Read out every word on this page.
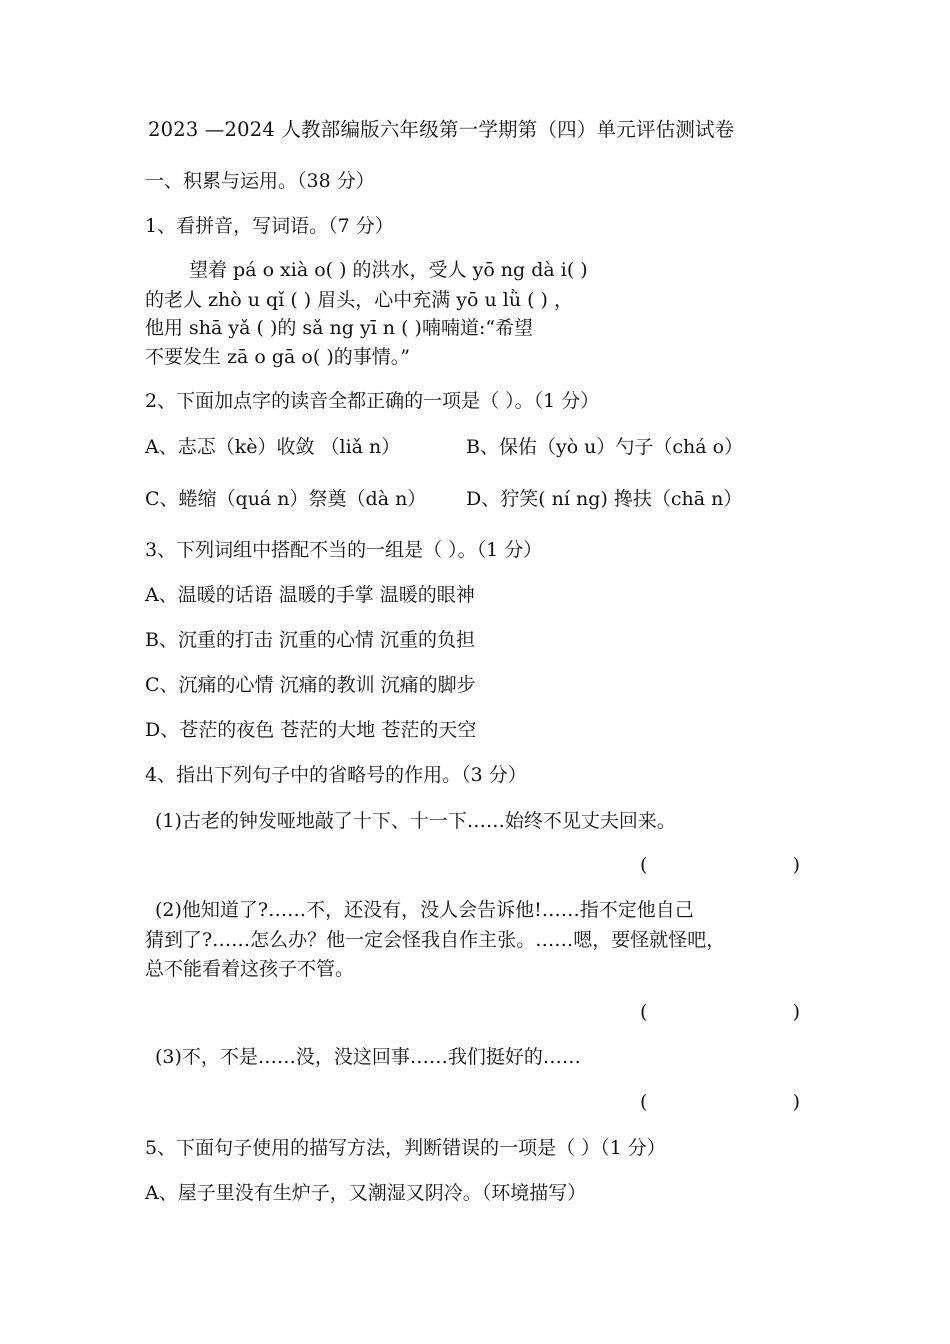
2023 —2024 人教部编版六年级第一学期第（四）单元评估测试卷
一、积累与运用。（38 分）
1、看拼音，写词语。（7 分）
望着 pá o xià o( ) 的洪水，受人 yō ng dà i( )
的老人 zhò u qǐ ( ) 眉头，心中充满 yō u lǜ ( ) ，
他用 shā yǎ ( )的 sǎ ng yī n ( )喃喃道:“希望
不要发生 zā o gā o( )的事情。”
2、下面加点字的读音全都正确的一项是（ ）。（1 分）
A、志忑（kè）收敛 （liǎ n）	B、保佑（yò u）勺子（chá o）
C、蜷缩（quá n）祭奠（dà n）	D、狞笑( ní ng) 搀扶（chā n）
3、下列词组中搭配不当的一组是（ ）。（1 分）
A、温暖的话语 温暖的手掌 温暖的眼神
B、沉重的打击 沉重的心情 沉重的负担
C、沉痛的心情 沉痛的教训 沉痛的脚步
D、苍茫的夜色 苍茫的大地 苍茫的天空
4、指出下列句子中的省略号的作用。（3 分）
(1)古老的钟发哑地敲了十下、十一下……始终不见丈夫回来。
(	)
(2)他知道了?……不，还没有，没人会告诉他!……指不定他自己
猜到了?……怎么办？他一定会怪我自作主张。……嗯，要怪就怪吧，
总不能看着这孩子不管。
(	)
(3)不，不是……没，没这回事……我们挺好的……
(	)
5、下面句子使用的描写方法，判断错误的一项是（ ）（1 分）
A、屋子里没有生炉子，又潮湿又阴冷。（环境描写）
